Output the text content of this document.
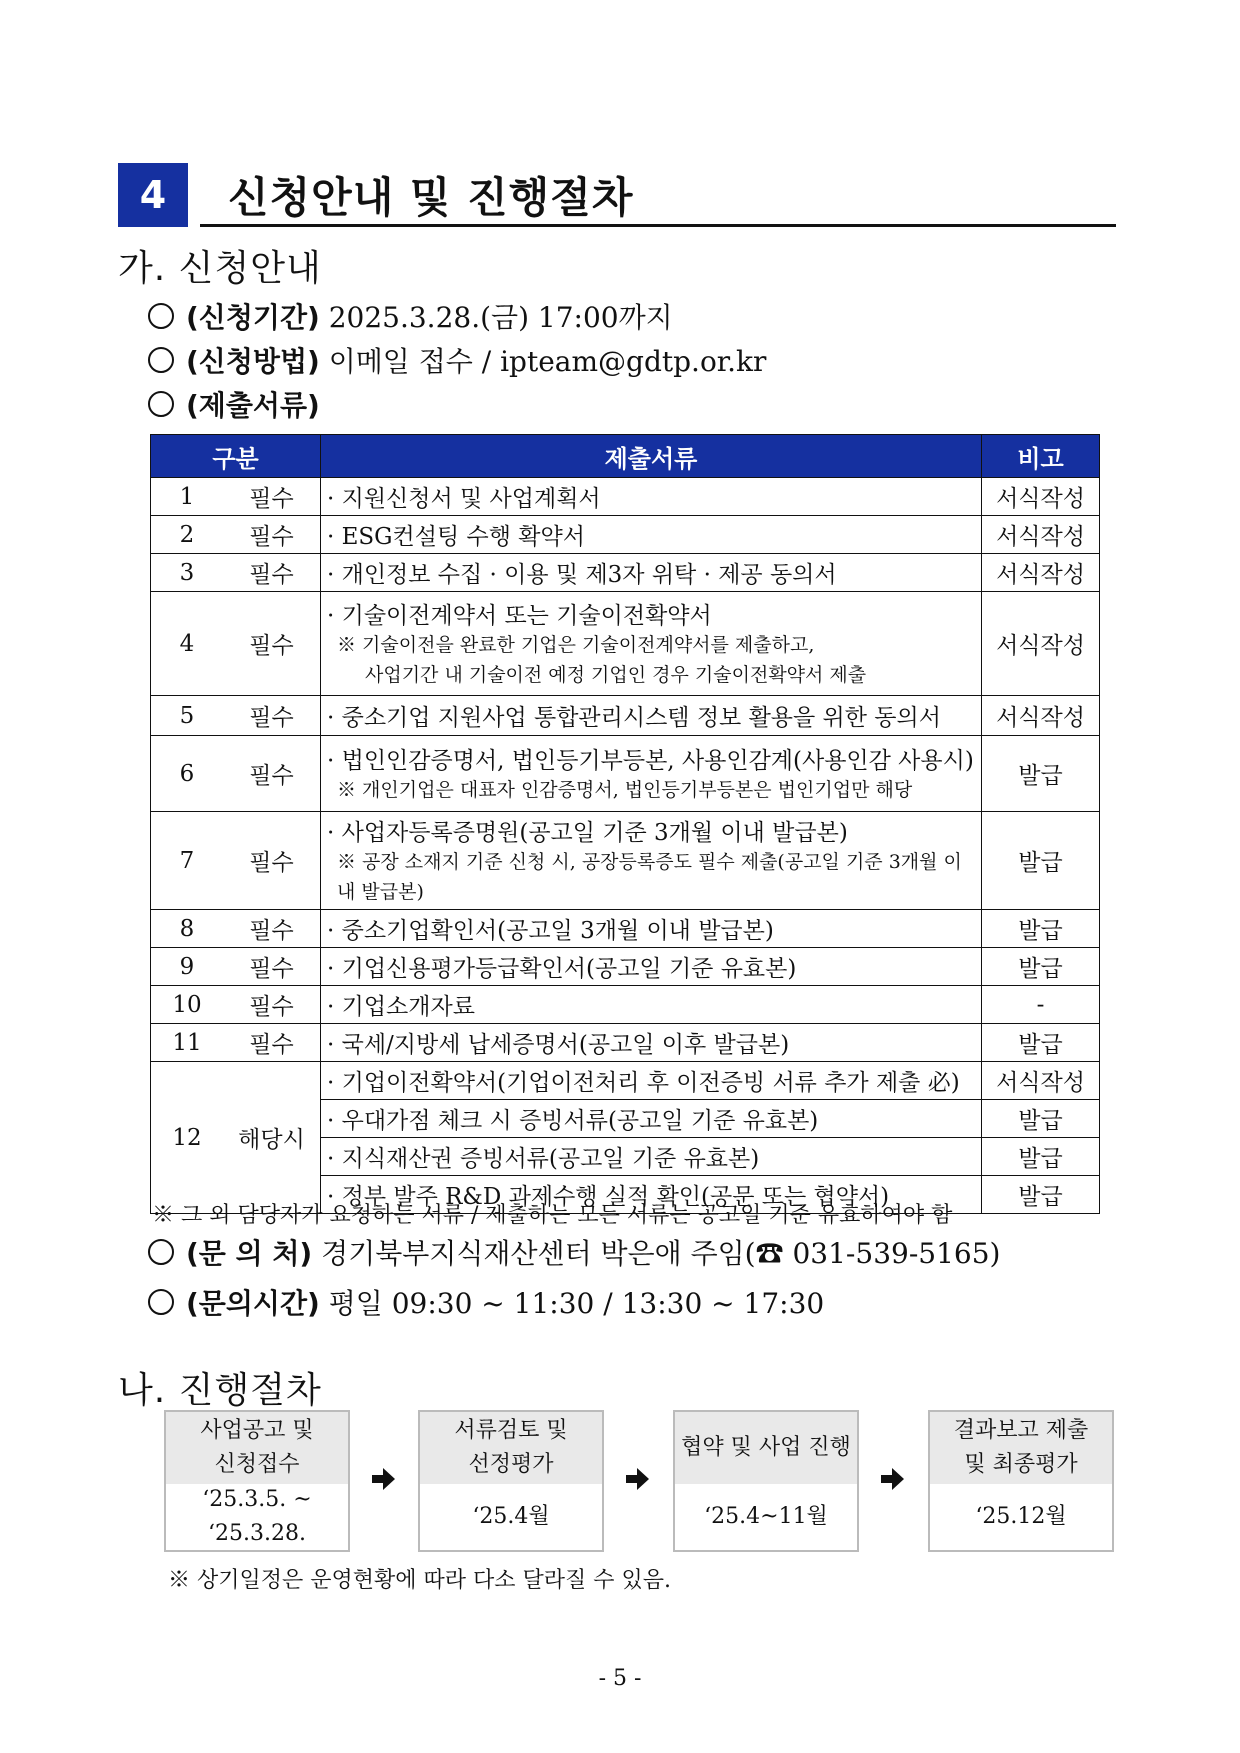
4	신청안내 및 진행절차
가. 신청안내
(신청기간) 2025.3.28.(금) 17:00까지
(신청방법) 이메일 접수 / ipteam@gdtp.or.kr
(제출서류)
구분		제출서류	비고
1	필수	· 지원신청서 및 사업계획서	서식작성
2	필수	· ESG컨설팅 수행 확약서	서식작성
3	필수	· 개인정보 수집 · 이용 및 제3자 위탁 · 제공 동의서	서식작성
4	필수	· 기술이전계약서 또는 기술이전확약서
※ 기술이전을 완료한 기업은 기술이전계약서를 제출하고,
사업기간 내 기술이전 예정 기업인 경우 기술이전확약서 제출	서식작성
5	필수	· 중소기업 지원사업 통합관리시스템 정보 활용을 위한 동의서	서식작성
6	필수	· 법인인감증명서, 법인등기부등본, 사용인감계(사용인감 사용시)
※ 개인기업은 대표자 인감증명서, 법인등기부등본은 법인기업만 해당	발급
7	필수	· 사업자등록증명원(공고일 기준 3개월 이내 발급본)
※ 공장 소재지 기준 신청 시, 공장등록증도 필수 제출(공고일 기준 3개월 이내 발급본)	발급
8	필수	· 중소기업확인서(공고일 3개월 이내 발급본)	발급
9	필수	· 기업신용평가등급확인서(공고일 기준 유효본)	발급
10	필수	· 기업소개자료	-
11	필수	· 국세/지방세 납세증명서(공고일 이후 발급본)	발급
12	해당시	· 기업이전확약서(기업이전처리 후 이전증빙 서류 추가 제출 必)	서식작성
		· 우대가점 체크 시 증빙서류(공고일 기준 유효본)	발급
		· 지식재산권 증빙서류(공고일 기준 유효본)	발급
		· 정부 발주 R&D 과제수행 실적 확인(공문 또는 협약서)	발급
※ 그 외 담당자가 요청하는 서류 / 제출하는 모든 서류는 공고일 기준 유효하여야 함
(문 의 처) 경기북부지식재산센터 박은애 주임(☎ 031-539-5165)
(문의시간) 평일 09:30 ~ 11:30 / 13:30 ~ 17:30
나. 진행절차
사업공고 및
신청접수
‘25.3.5. ~
‘25.3.28.
서류검토 및
선정평가
‘25.4월
협약 및 사업 진행
‘25.4~11월
결과보고 제출
및 최종평가
‘25.12월
※ 상기일정은 운영현황에 따라 다소 달라질 수 있음.
- 5 -
